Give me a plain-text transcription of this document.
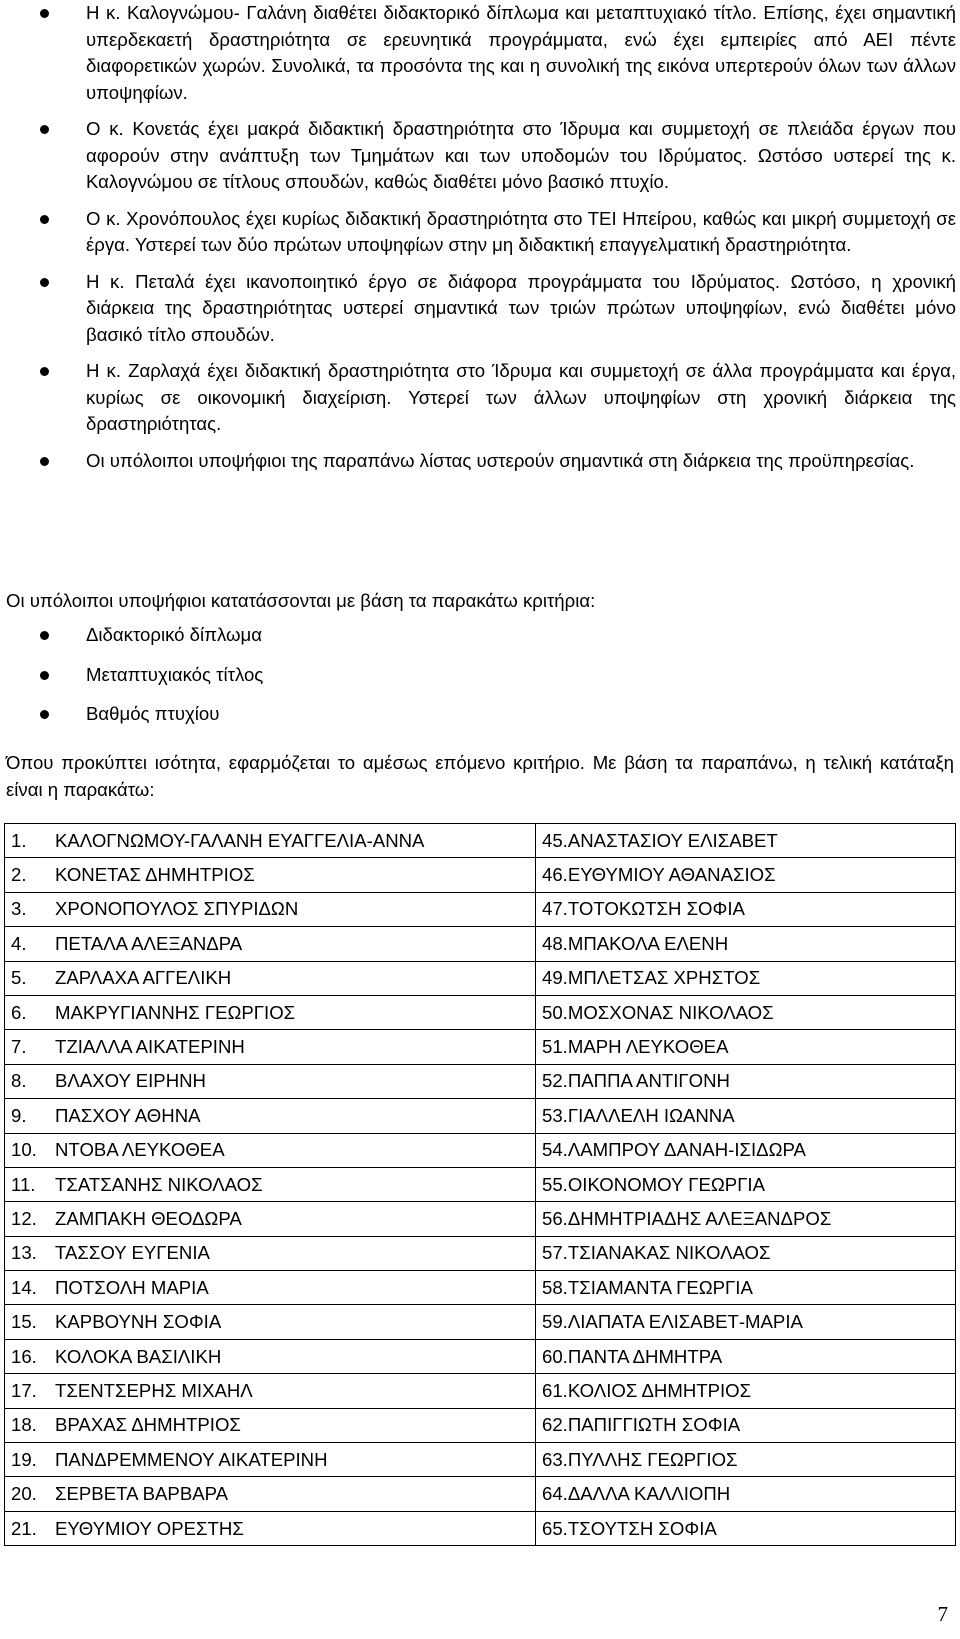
Η κ. Καλογνώμου- Γαλάνη διαθέτει διδακτορικό δίπλωμα και μεταπτυχιακό τίτλο. Επίσης, έχει σημαντική υπερδεκαετή δραστηριότητα σε ερευνητικά προγράμματα, ενώ έχει εμπειρίες από ΑΕΙ πέντε διαφορετικών χωρών. Συνολικά, τα προσόντα της και η συνολική της εικόνα υπερτερούν όλων των άλλων υποψηφίων.
Ο κ. Κονετάς έχει μακρά διδακτική δραστηριότητα στο Ίδρυμα και συμμετοχή σε πλειάδα έργων που αφορούν στην ανάπτυξη των Τμημάτων και των υποδομών του Ιδρύματος. Ωστόσο υστερεί της κ. Καλογνώμου σε τίτλους σπουδών, καθώς διαθέτει μόνο βασικό πτυχίο.
Ο κ. Χρονόπουλος έχει κυρίως διδακτική δραστηριότητα στο ΤΕΙ Ηπείρου, καθώς και μικρή συμμετοχή σε έργα. Υστερεί των δύο πρώτων υποψηφίων στην μη διδακτική επαγγελματική δραστηριότητα.
Η κ. Πεταλά έχει ικανοποιητικό έργο σε διάφορα προγράμματα του Ιδρύματος. Ωστόσο, η χρονική διάρκεια της δραστηριότητας υστερεί σημαντικά των τριών πρώτων υποψηφίων, ενώ διαθέτει μόνο βασικό τίτλο σπουδών.
Η κ. Ζαρλαχά έχει διδακτική δραστηριότητα στο Ίδρυμα και συμμετοχή σε άλλα προγράμματα και έργα, κυρίως σε οικονομική διαχείριση. Υστερεί των άλλων υποψηφίων στη χρονική διάρκεια της δραστηριότητας.
Οι υπόλοιποι υποψήφιοι της παραπάνω λίστας υστερούν σημαντικά στη διάρκεια της προϋπηρεσίας.

Οι υπόλοιποι υποψήφιοι κατατάσσονται με βάση τα παρακάτω κριτήρια:

Διδακτορικό δίπλωμα
Μεταπτυχιακός τίτλος
Βαθμός πτυχίου

Όπου προκύπτει ισότητα, εφαρμόζεται το αμέσως επόμενο κριτήριο. Με βάση τα παραπάνω, η τελική κατάταξη είναι η παρακάτω:

1. ΚΑΛΟΓΝΩΜΟΥ-ΓΑΛΑΝΗ ΕΥΑΓΓΕΛΙΑ-ΑΝΝΑ	45.ΑΝΑΣΤΑΣΙΟΥ ΕΛΙΣΑΒΕΤ
2. ΚΟΝΕΤΑΣ ΔΗΜΗΤΡΙΟΣ	46.ΕΥΘΥΜΙΟΥ ΑΘΑΝΑΣΙΟΣ
3. ΧΡΟΝΟΠΟΥΛΟΣ ΣΠΥΡΙΔΩΝ	47.ΤΟΤΟΚΩΤΣΗ ΣΟΦΙΑ
4. ΠΕΤΑΛΑ ΑΛΕΞΑΝΔΡΑ	48.ΜΠΑΚΟΛΑ ΕΛΕΝΗ
5. ΖΑΡΛΑΧΑ ΑΓΓΕΛΙΚΗ	49.ΜΠΛΕΤΣΑΣ ΧΡΗΣΤΟΣ
6. ΜΑΚΡΥΓΙΑΝΝΗΣ ΓΕΩΡΓΙΟΣ	50.ΜΟΣΧΟΝΑΣ ΝΙΚΟΛΑΟΣ
7. ΤΖΙΑΛΛΑ ΑΙΚΑΤΕΡΙΝΗ	51.ΜΑΡΗ ΛΕΥΚΟΘΕΑ
8. ΒΛΑΧΟΥ ΕΙΡΗΝΗ	52.ΠΑΠΠΑ ΑΝΤΙΓΟΝΗ
9. ΠΑΣΧΟΥ ΑΘΗΝΑ	53.ΓΙΑΛΛΕΛΗ ΙΩΑΝΝΑ
10. ΝΤΟΒΑ ΛΕΥΚΟΘΕΑ	54.ΛΑΜΠΡΟΥ ΔΑΝΑΗ-ΙΣΙΔΩΡΑ
11. ΤΣΑΤΣΑΝΗΣ ΝΙΚΟΛΑΟΣ	55.ΟΙΚΟΝΟΜΟΥ ΓΕΩΡΓΙΑ
12. ΖΑΜΠΑΚΗ ΘΕΟΔΩΡΑ	56.ΔΗΜΗΤΡΙΑΔΗΣ ΑΛΕΞΑΝΔΡΟΣ
13. ΤΑΣΣΟΥ ΕΥΓΕΝΙΑ	57.ΤΣΙΑΝΑΚΑΣ ΝΙΚΟΛΑΟΣ
14. ΠΟΤΣΟΛΗ ΜΑΡΙΑ	58.ΤΣΙΑΜΑΝΤΑ ΓΕΩΡΓΙΑ
15. ΚΑΡΒΟΥΝΗ ΣΟΦΙΑ	59.ΛΙΑΠΑΤΑ ΕΛΙΣΑΒΕΤ-ΜΑΡΙΑ
16. ΚΟΛΟΚΑ ΒΑΣΙΛΙΚΗ	60.ΠΑΝΤΑ ΔΗΜΗΤΡΑ
17. ΤΣΕΝΤΣΕΡΗΣ ΜΙΧΑΗΛ	61.ΚΟΛΙΟΣ ΔΗΜΗΤΡΙΟΣ
18. ΒΡΑΧΑΣ ΔΗΜΗΤΡΙΟΣ	62.ΠΑΠΙΓΓΙΩΤΗ ΣΟΦΙΑ
19. ΠΑΝΔΡΕΜΜΕΝΟΥ ΑΙΚΑΤΕΡΙΝΗ	63.ΠΥΛΛΗΣ ΓΕΩΡΓΙΟΣ
20. ΣΕΡΒΕΤΑ ΒΑΡΒΑΡΑ	64.ΔΑΛΛΑ ΚΑΛΛΙΟΠΗ
21. ΕΥΘΥΜΙΟΥ ΟΡΕΣΤΗΣ	65.ΤΣΟΥΤΣΗ ΣΟΦΙΑ
7
